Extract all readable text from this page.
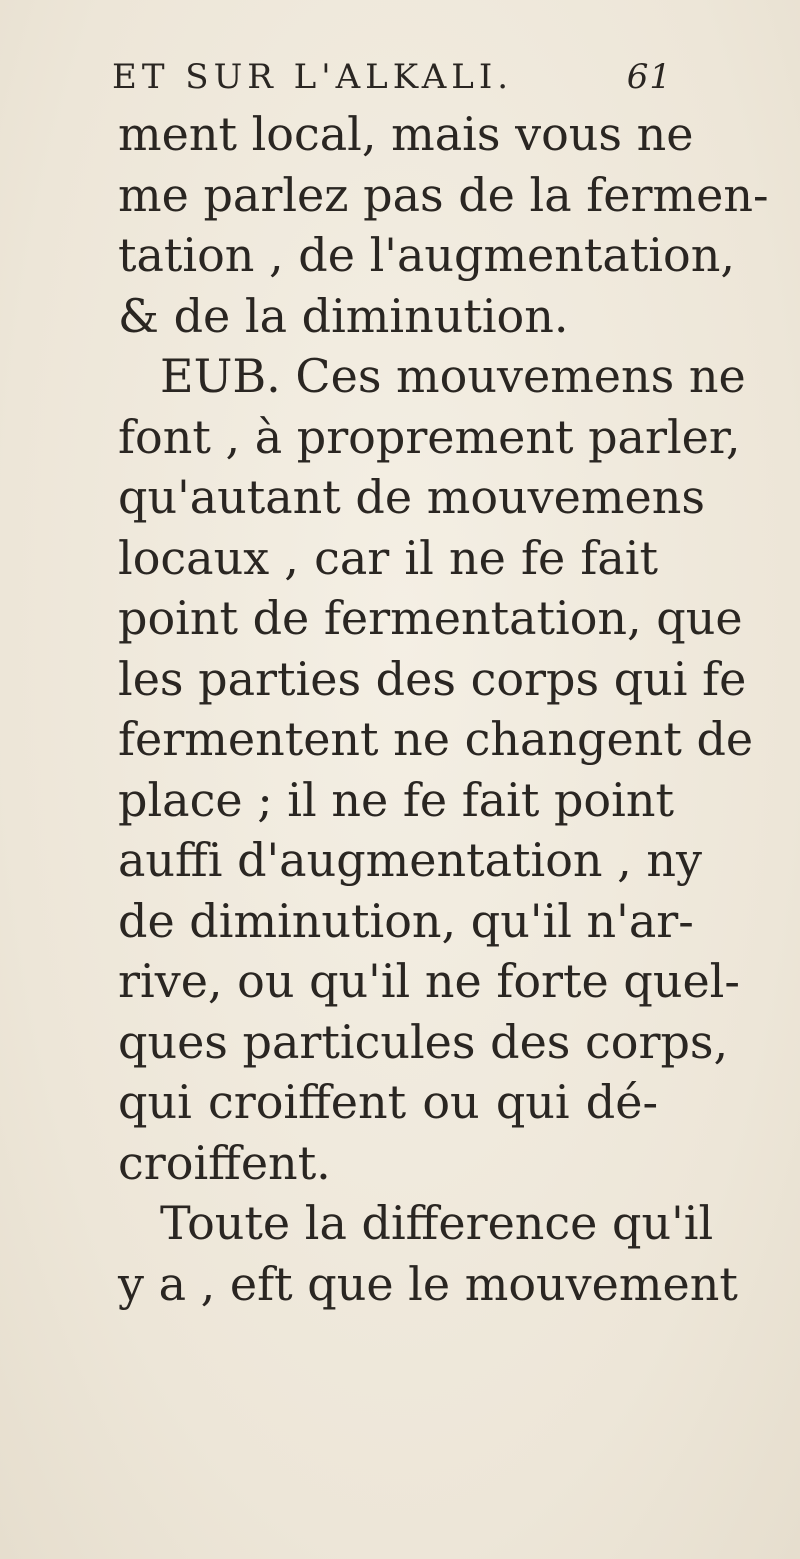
ET SUR L'ALKALI.	61
ment local, mais vous ne
me parlez pas de la fermen-
tation , de l'augmentation,
& de la diminution.
EUB. Ces mouvemens ne
font , à proprement parler,
qu'autant de mouvemens
locaux , car il ne fe fait
point de fermentation, que
les parties des corps qui fe
fermentent ne changent de
place ; il ne fe fait point
auffi d'augmentation , ny
de diminution, qu'il n'ar-
rive, ou qu'il ne forte quel-
ques particules des corps,
qui croiffent ou qui dé-
croiffent.
Toute la difference qu'il
y a , eft que le mouvement
